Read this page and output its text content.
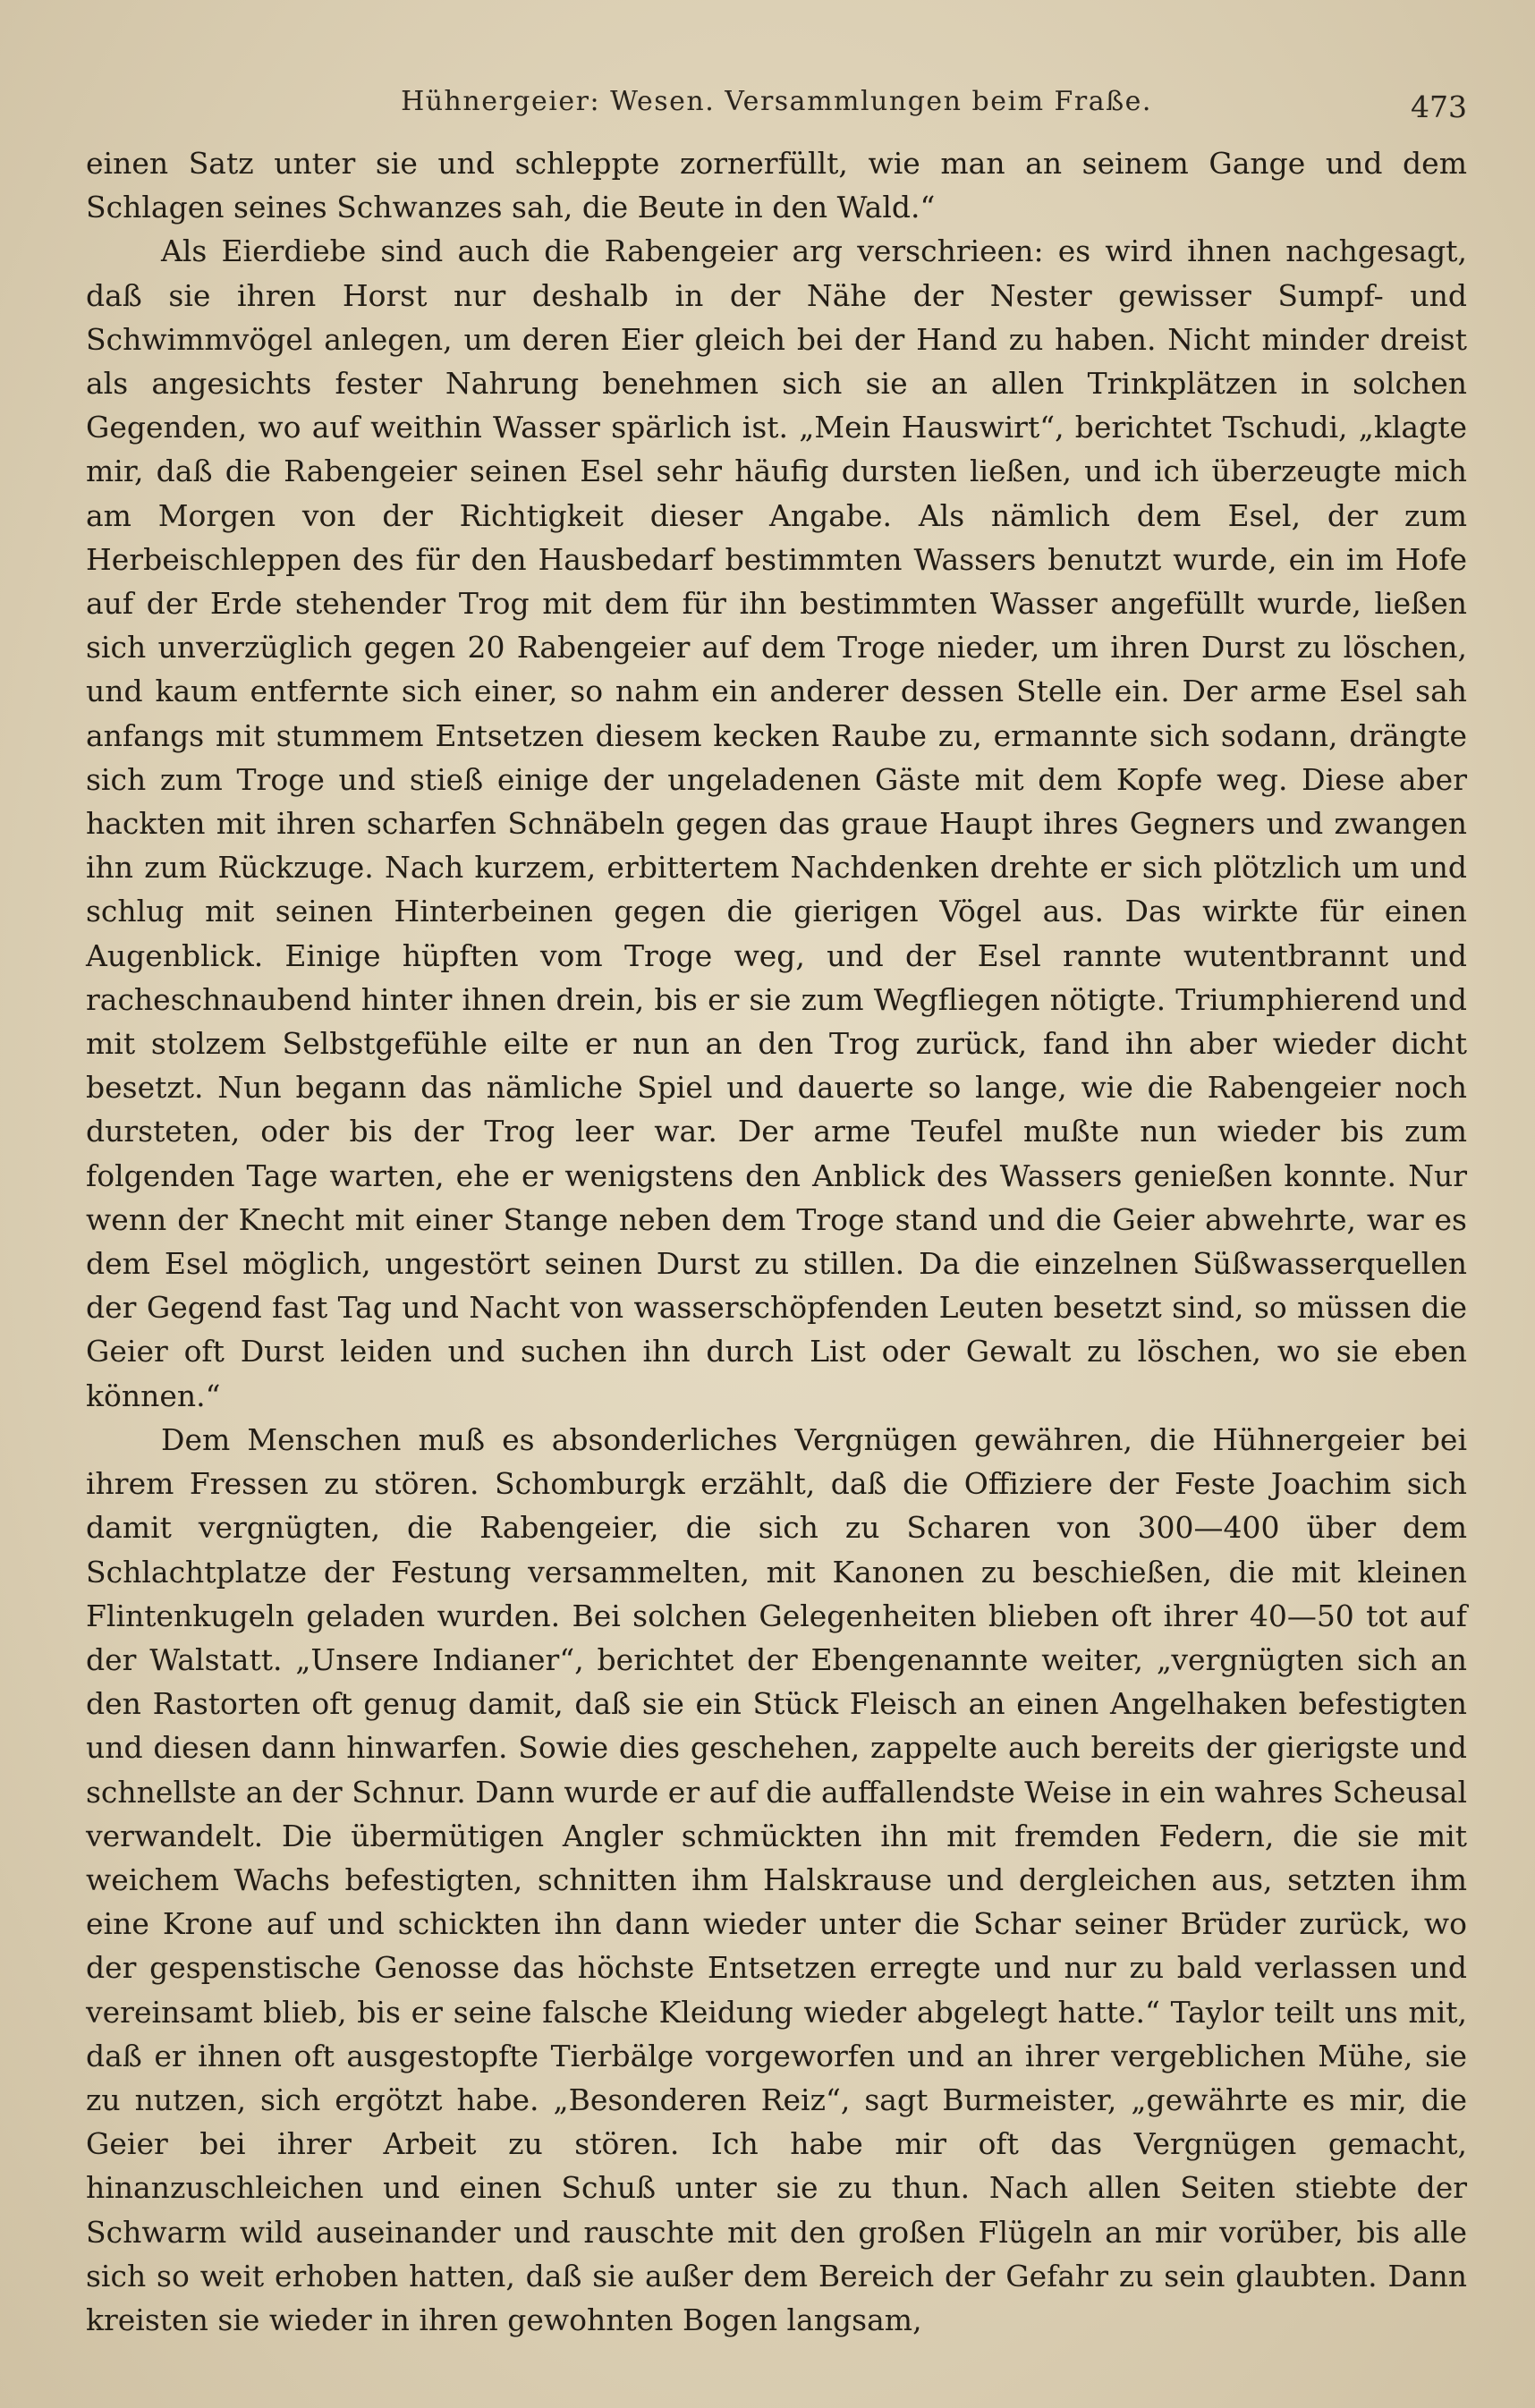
Hühnergeier: Wesen. Versammlungen beim Fraße.	473

einen Satz unter sie und schleppte zornerfüllt, wie man an seinem Gange und dem Schlagen seines Schwanzes sah, die Beute in den Wald.“

Als Eierdiebe sind auch die Rabengeier arg verschrieen: es wird ihnen nachgesagt, daß sie ihren Horst nur deshalb in der Nähe der Nester gewisser Sumpf- und Schwimmvögel anlegen, um deren Eier gleich bei der Hand zu haben. Nicht minder dreist als angesichts fester Nahrung benehmen sich sie an allen Trinkplätzen in solchen Gegenden, wo auf weithin Wasser spärlich ist. „Mein Hauswirt“, berichtet Tschudi, „klagte mir, daß die Rabengeier seinen Esel sehr häufig dursten ließen, und ich überzeugte mich am Morgen von der Richtigkeit dieser Angabe. Als nämlich dem Esel, der zum Herbeischleppen des für den Hausbedarf bestimmten Wassers benutzt wurde, ein im Hofe auf der Erde stehender Trog mit dem für ihn bestimmten Wasser angefüllt wurde, ließen sich unverzüglich gegen 20 Rabengeier auf dem Troge nieder, um ihren Durst zu löschen, und kaum entfernte sich einer, so nahm ein anderer dessen Stelle ein. Der arme Esel sah anfangs mit stummem Entsetzen diesem kecken Raube zu, ermannte sich sodann, drängte sich zum Troge und stieß einige der ungeladenen Gäste mit dem Kopfe weg. Diese aber hackten mit ihren scharfen Schnäbeln gegen das graue Haupt ihres Gegners und zwangen ihn zum Rückzuge. Nach kurzem, erbittertem Nachdenken drehte er sich plötzlich um und schlug mit seinen Hinterbeinen gegen die gierigen Vögel aus. Das wirkte für einen Augenblick. Einige hüpften vom Troge weg, und der Esel rannte wutentbrannt und racheschnaubend hinter ihnen drein, bis er sie zum Wegfliegen nötigte. Triumphierend und mit stolzem Selbstgefühle eilte er nun an den Trog zurück, fand ihn aber wieder dicht besetzt. Nun begann das nämliche Spiel und dauerte so lange, wie die Rabengeier noch dursteten, oder bis der Trog leer war. Der arme Teufel mußte nun wieder bis zum folgenden Tage warten, ehe er wenigstens den Anblick des Wassers genießen konnte. Nur wenn der Knecht mit einer Stange neben dem Troge stand und die Geier abwehrte, war es dem Esel möglich, ungestört seinen Durst zu stillen. Da die einzelnen Süßwasserquellen der Gegend fast Tag und Nacht von wasserschöpfenden Leuten besetzt sind, so müssen die Geier oft Durst leiden und suchen ihn durch List oder Gewalt zu löschen, wo sie eben können.“

Dem Menschen muß es absonderliches Vergnügen gewähren, die Hühnergeier bei ihrem Fressen zu stören. Schomburgk erzählt, daß die Offiziere der Feste Joachim sich damit vergnügten, die Rabengeier, die sich zu Scharen von 300—400 über dem Schlachtplatze der Festung versammelten, mit Kanonen zu beschießen, die mit kleinen Flintenkugeln geladen wurden. Bei solchen Gelegenheiten blieben oft ihrer 40—50 tot auf der Walstatt. „Unsere Indianer“, berichtet der Ebengenannte weiter, „vergnügten sich an den Rastorten oft genug damit, daß sie ein Stück Fleisch an einen Angelhaken befestigten und diesen dann hinwarfen. Sowie dies geschehen, zappelte auch bereits der gierigste und schnellste an der Schnur. Dann wurde er auf die auffallendste Weise in ein wahres Scheusal verwandelt. Die übermütigen Angler schmückten ihn mit fremden Federn, die sie mit weichem Wachs befestigten, schnitten ihm Halskrause und dergleichen aus, setzten ihm eine Krone auf und schickten ihn dann wieder unter die Schar seiner Brüder zurück, wo der gespenstische Genosse das höchste Entsetzen erregte und nur zu bald verlassen und vereinsamt blieb, bis er seine falsche Kleidung wieder abgelegt hatte.“ Taylor teilt uns mit, daß er ihnen oft ausgestopfte Tierbälge vorgeworfen und an ihrer vergeblichen Mühe, sie zu nutzen, sich ergötzt habe. „Besonderen Reiz“, sagt Burmeister, „gewährte es mir, die Geier bei ihrer Arbeit zu stören. Ich habe mir oft das Vergnügen gemacht, hinanzuschleichen und einen Schuß unter sie zu thun. Nach allen Seiten stiebte der Schwarm wild auseinander und rauschte mit den großen Flügeln an mir vorüber, bis alle sich so weit erhoben hatten, daß sie außer dem Bereich der Gefahr zu sein glaubten. Dann kreisten sie wieder in ihren gewohnten Bogen langsam,
